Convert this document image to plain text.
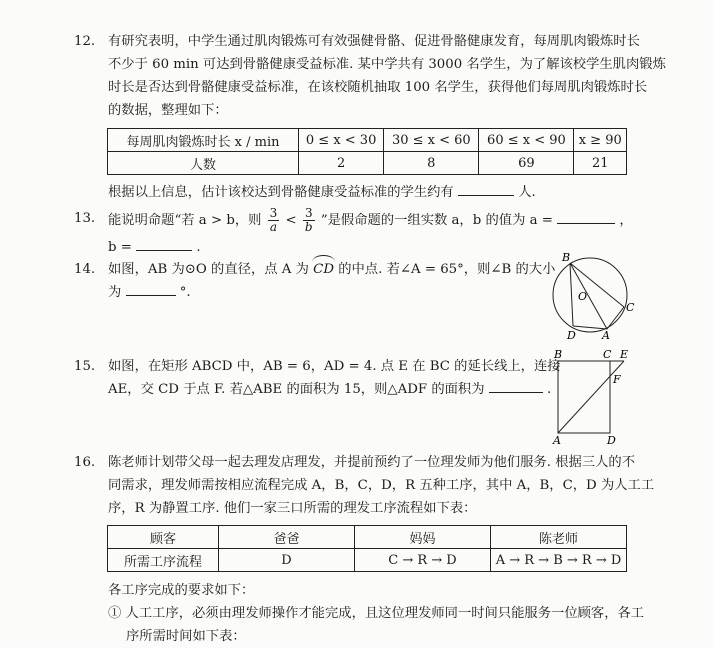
12. 有研究表明，中学生通过肌肉锻炼可有效强健骨骼、促进骨骼健康发育，每周肌肉锻炼时长
不少于 60 min 可达到骨骼健康受益标准. 某中学共有 3000 名学生，为了解该校学生肌肉锻炼
时长是否达到骨骼健康受益标准，在该校随机抽取 100 名学生，获得他们每周肌肉锻炼时长
的数据，整理如下：
每周肌肉锻炼时长 x / min	0 ≤ x < 30	30 ≤ x < 60	60 ≤ x < 90	x ≥ 90
人数	2	8	69	21
根据以上信息，估计该校达到骨骼健康受益标准的学生约有	人.
13. 能说明命题“若 a > b，则 $\frac{3}{a} < \frac{3}{b}$ ”是假命题的一组实数 a，b 的值为 a =	，
b =	.
14. 如图，AB 为⊙O 的直径，点 A 为 CD 的中点. 若∠A = 65°，则∠B 的大小
为	°.
B
O
C
D A
15. 如图，在矩形 ABCD 中，AB = 6，AD = 4. 点 E 在 BC 的延长线上，连接
AE，交 CD 于点 F. 若△ABE 的面积为 15，则△ADF 的面积为	.
B	C E
F
A	D
16. 陈老师计划带父母一起去理发店理发，并提前预约了一位理发师为他们服务. 根据三人的不
同需求，理发师需按相应流程完成 A，B，C，D，R 五种工序，其中 A，B，C，D 为人工工
序，R 为静置工序. 他们一家三口所需的理发工序流程如下表：
顾客	爸爸	妈妈	陈老师
所需工序流程	D	C → R → D	A → R → B → R → D
各工序完成的要求如下：
① 人工工序，必须由理发师操作才能完成，且这位理发师同一时间只能服务一位顾客，各工
序所需时间如下表：
